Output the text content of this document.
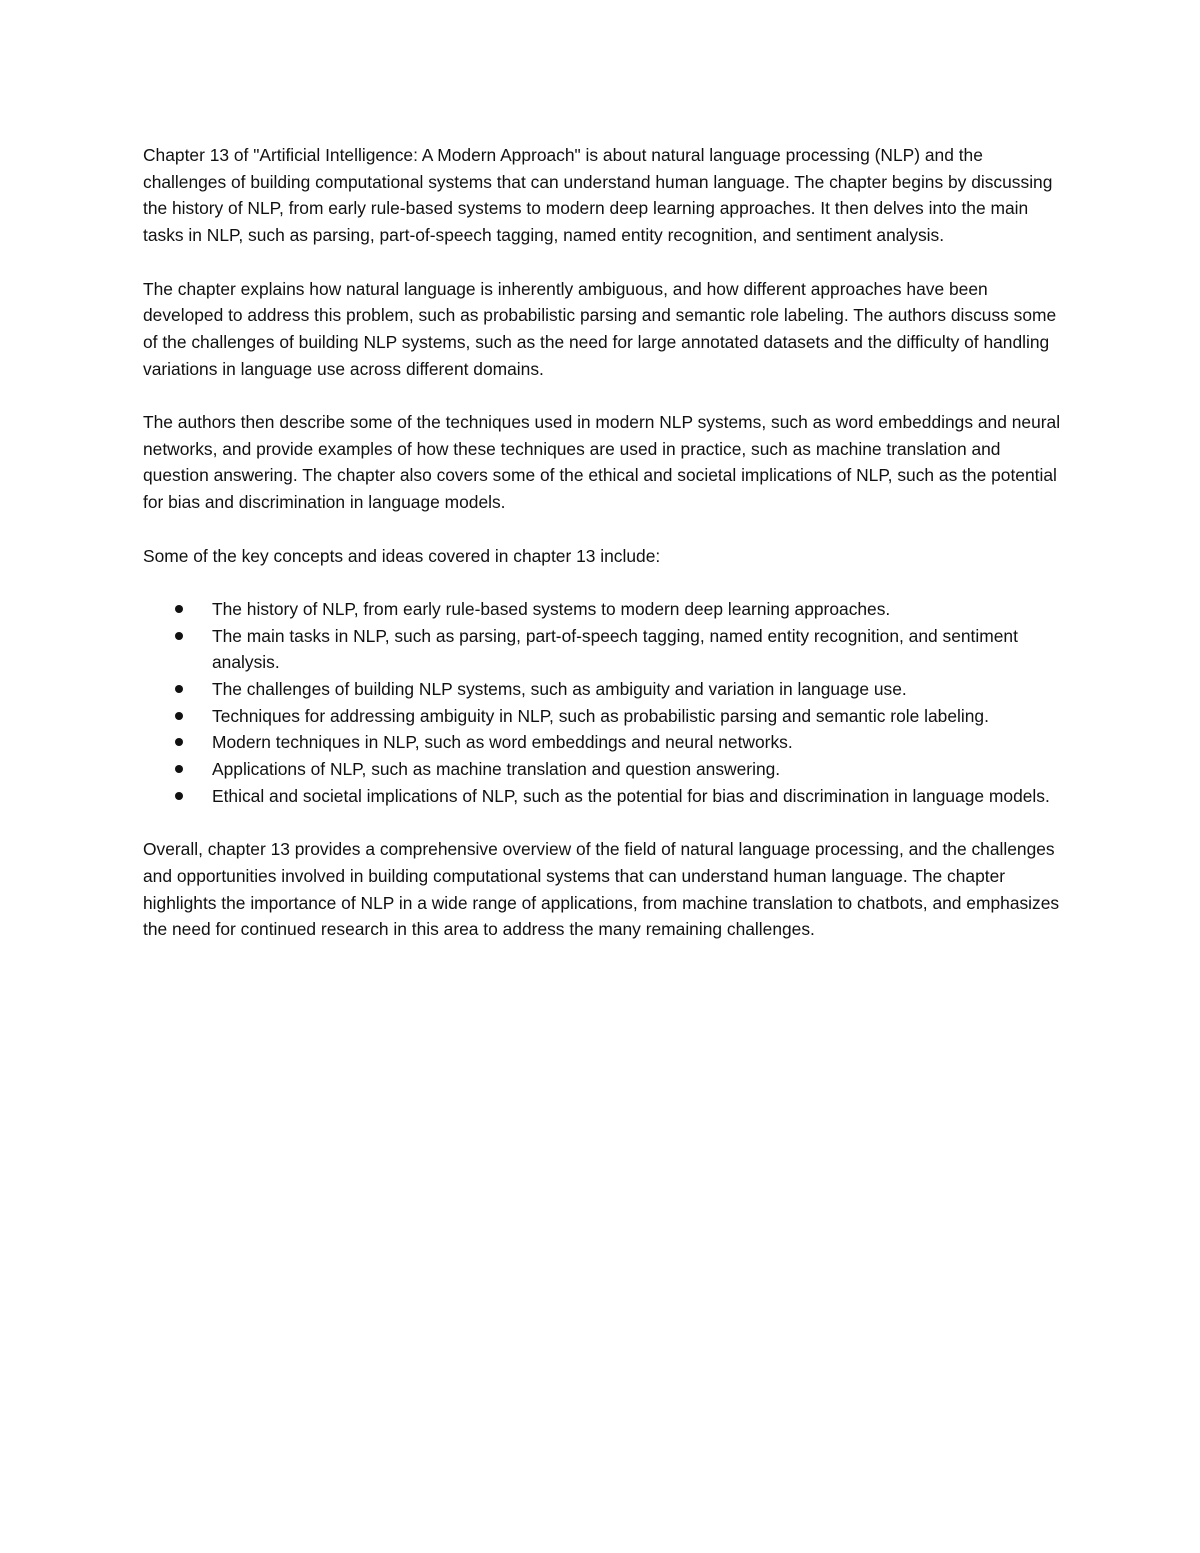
Chapter 13 of "Artificial Intelligence: A Modern Approach" is about natural language processing (NLP) and the challenges of building computational systems that can understand human language. The chapter begins by discussing the history of NLP, from early rule-based systems to modern deep learning approaches. It then delves into the main tasks in NLP, such as parsing, part-of-speech tagging, named entity recognition, and sentiment analysis.

The chapter explains how natural language is inherently ambiguous, and how different approaches have been developed to address this problem, such as probabilistic parsing and semantic role labeling. The authors discuss some of the challenges of building NLP systems, such as the need for large annotated datasets and the difficulty of handling variations in language use across different domains.

The authors then describe some of the techniques used in modern NLP systems, such as word embeddings and neural networks, and provide examples of how these techniques are used in practice, such as machine translation and question answering. The chapter also covers some of the ethical and societal implications of NLP, such as the potential for bias and discrimination in language models.

Some of the key concepts and ideas covered in chapter 13 include:

The history of NLP, from early rule-based systems to modern deep learning approaches.
The main tasks in NLP, such as parsing, part-of-speech tagging, named entity recognition, and sentiment analysis.
The challenges of building NLP systems, such as ambiguity and variation in language use.
Techniques for addressing ambiguity in NLP, such as probabilistic parsing and semantic role labeling.
Modern techniques in NLP, such as word embeddings and neural networks.
Applications of NLP, such as machine translation and question answering.
Ethical and societal implications of NLP, such as the potential for bias and discrimination in language models.

Overall, chapter 13 provides a comprehensive overview of the field of natural language processing, and the challenges and opportunities involved in building computational systems that can understand human language. The chapter highlights the importance of NLP in a wide range of applications, from machine translation to chatbots, and emphasizes the need for continued research in this area to address the many remaining challenges.
